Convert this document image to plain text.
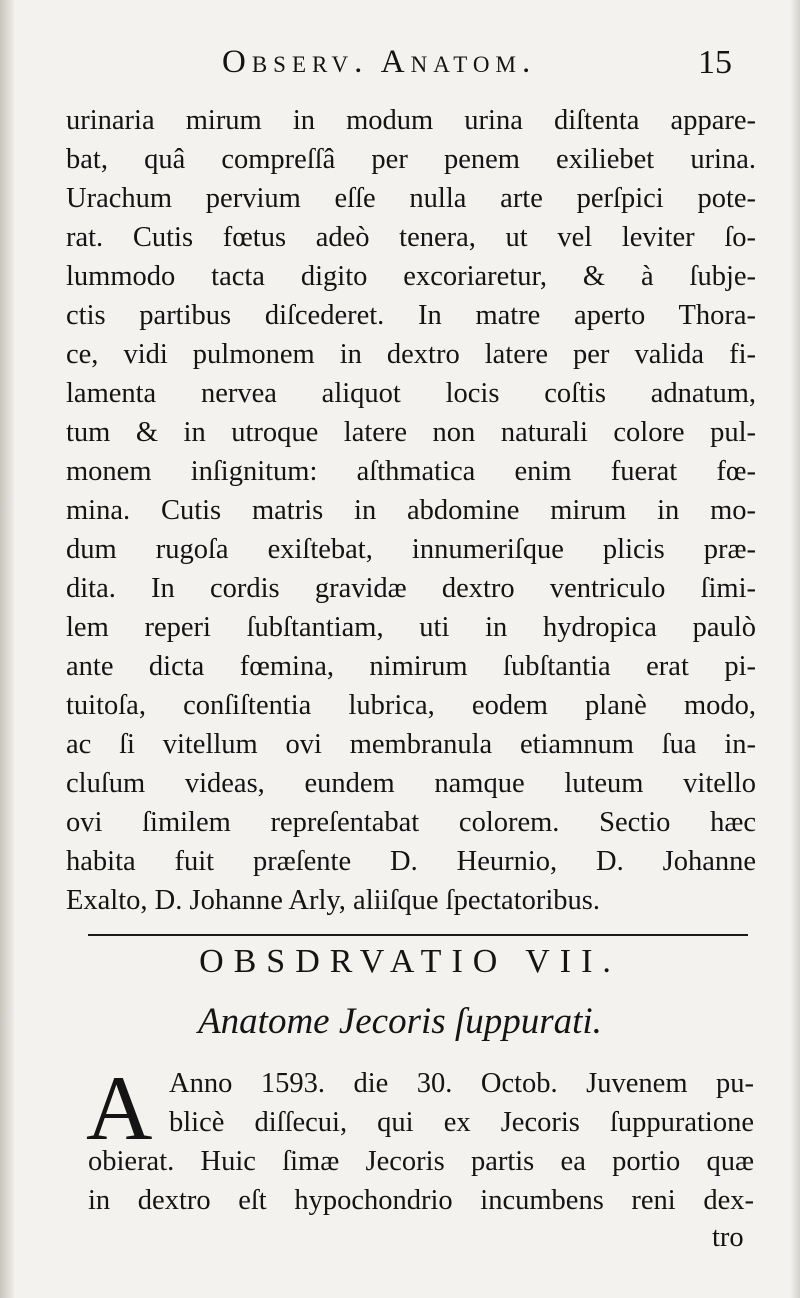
Observ. Anatom.	15
urinaria mirum in modum urina diſtenta appare-
bat, quâ compreſſâ per penem exiliebet urina.
Urachum pervium eſſe nulla arte perſpici pote-
rat. Cutis fœtus adeò tenera, ut vel leviter ſo-
lummodo tacta digito excoriaretur, & à ſubje-
ctis partibus diſcederet. In matre aperto Thora-
ce, vidi pulmonem in dextro latere per valida fi-
lamenta nervea aliquot locis coſtis adnatum,
tum & in utroque latere non naturali colore pul-
monem inſignitum: aſthmatica enim fuerat fœ-
mina. Cutis matris in abdomine mirum in mo-
dum rugoſa exiſtebat, innumeriſque plicis præ-
dita. In cordis gravidæ dextro ventriculo ſimi-
lem reperi ſubſtantiam, uti in hydropica paulò
ante dicta fœmina, nimirum ſubſtantia erat pi-
tuitoſa, conſiſtentia lubrica, eodem planè modo,
ac ſi vitellum ovi membranula etiamnum ſua in-
cluſum videas, eundem namque luteum vitello
ovi ſimilem repreſentabat colorem. Sectio hæc
habita fuit præſente D. Heurnio, D. Johanne
Exalto, D. Johanne Arly, aliiſque ſpectatoribus.
OBSDRVATIO VII.
Anatome Jecoris ſuppurati.
A Anno 1593. die 30. Octob. Juvenem pu-
blicè diſſecui, qui ex Jecoris ſuppuratione
obierat. Huic ſimæ Jecoris partis ea portio quæ
in dextro eſt hypochondrio incumbens reni dex-
tro
